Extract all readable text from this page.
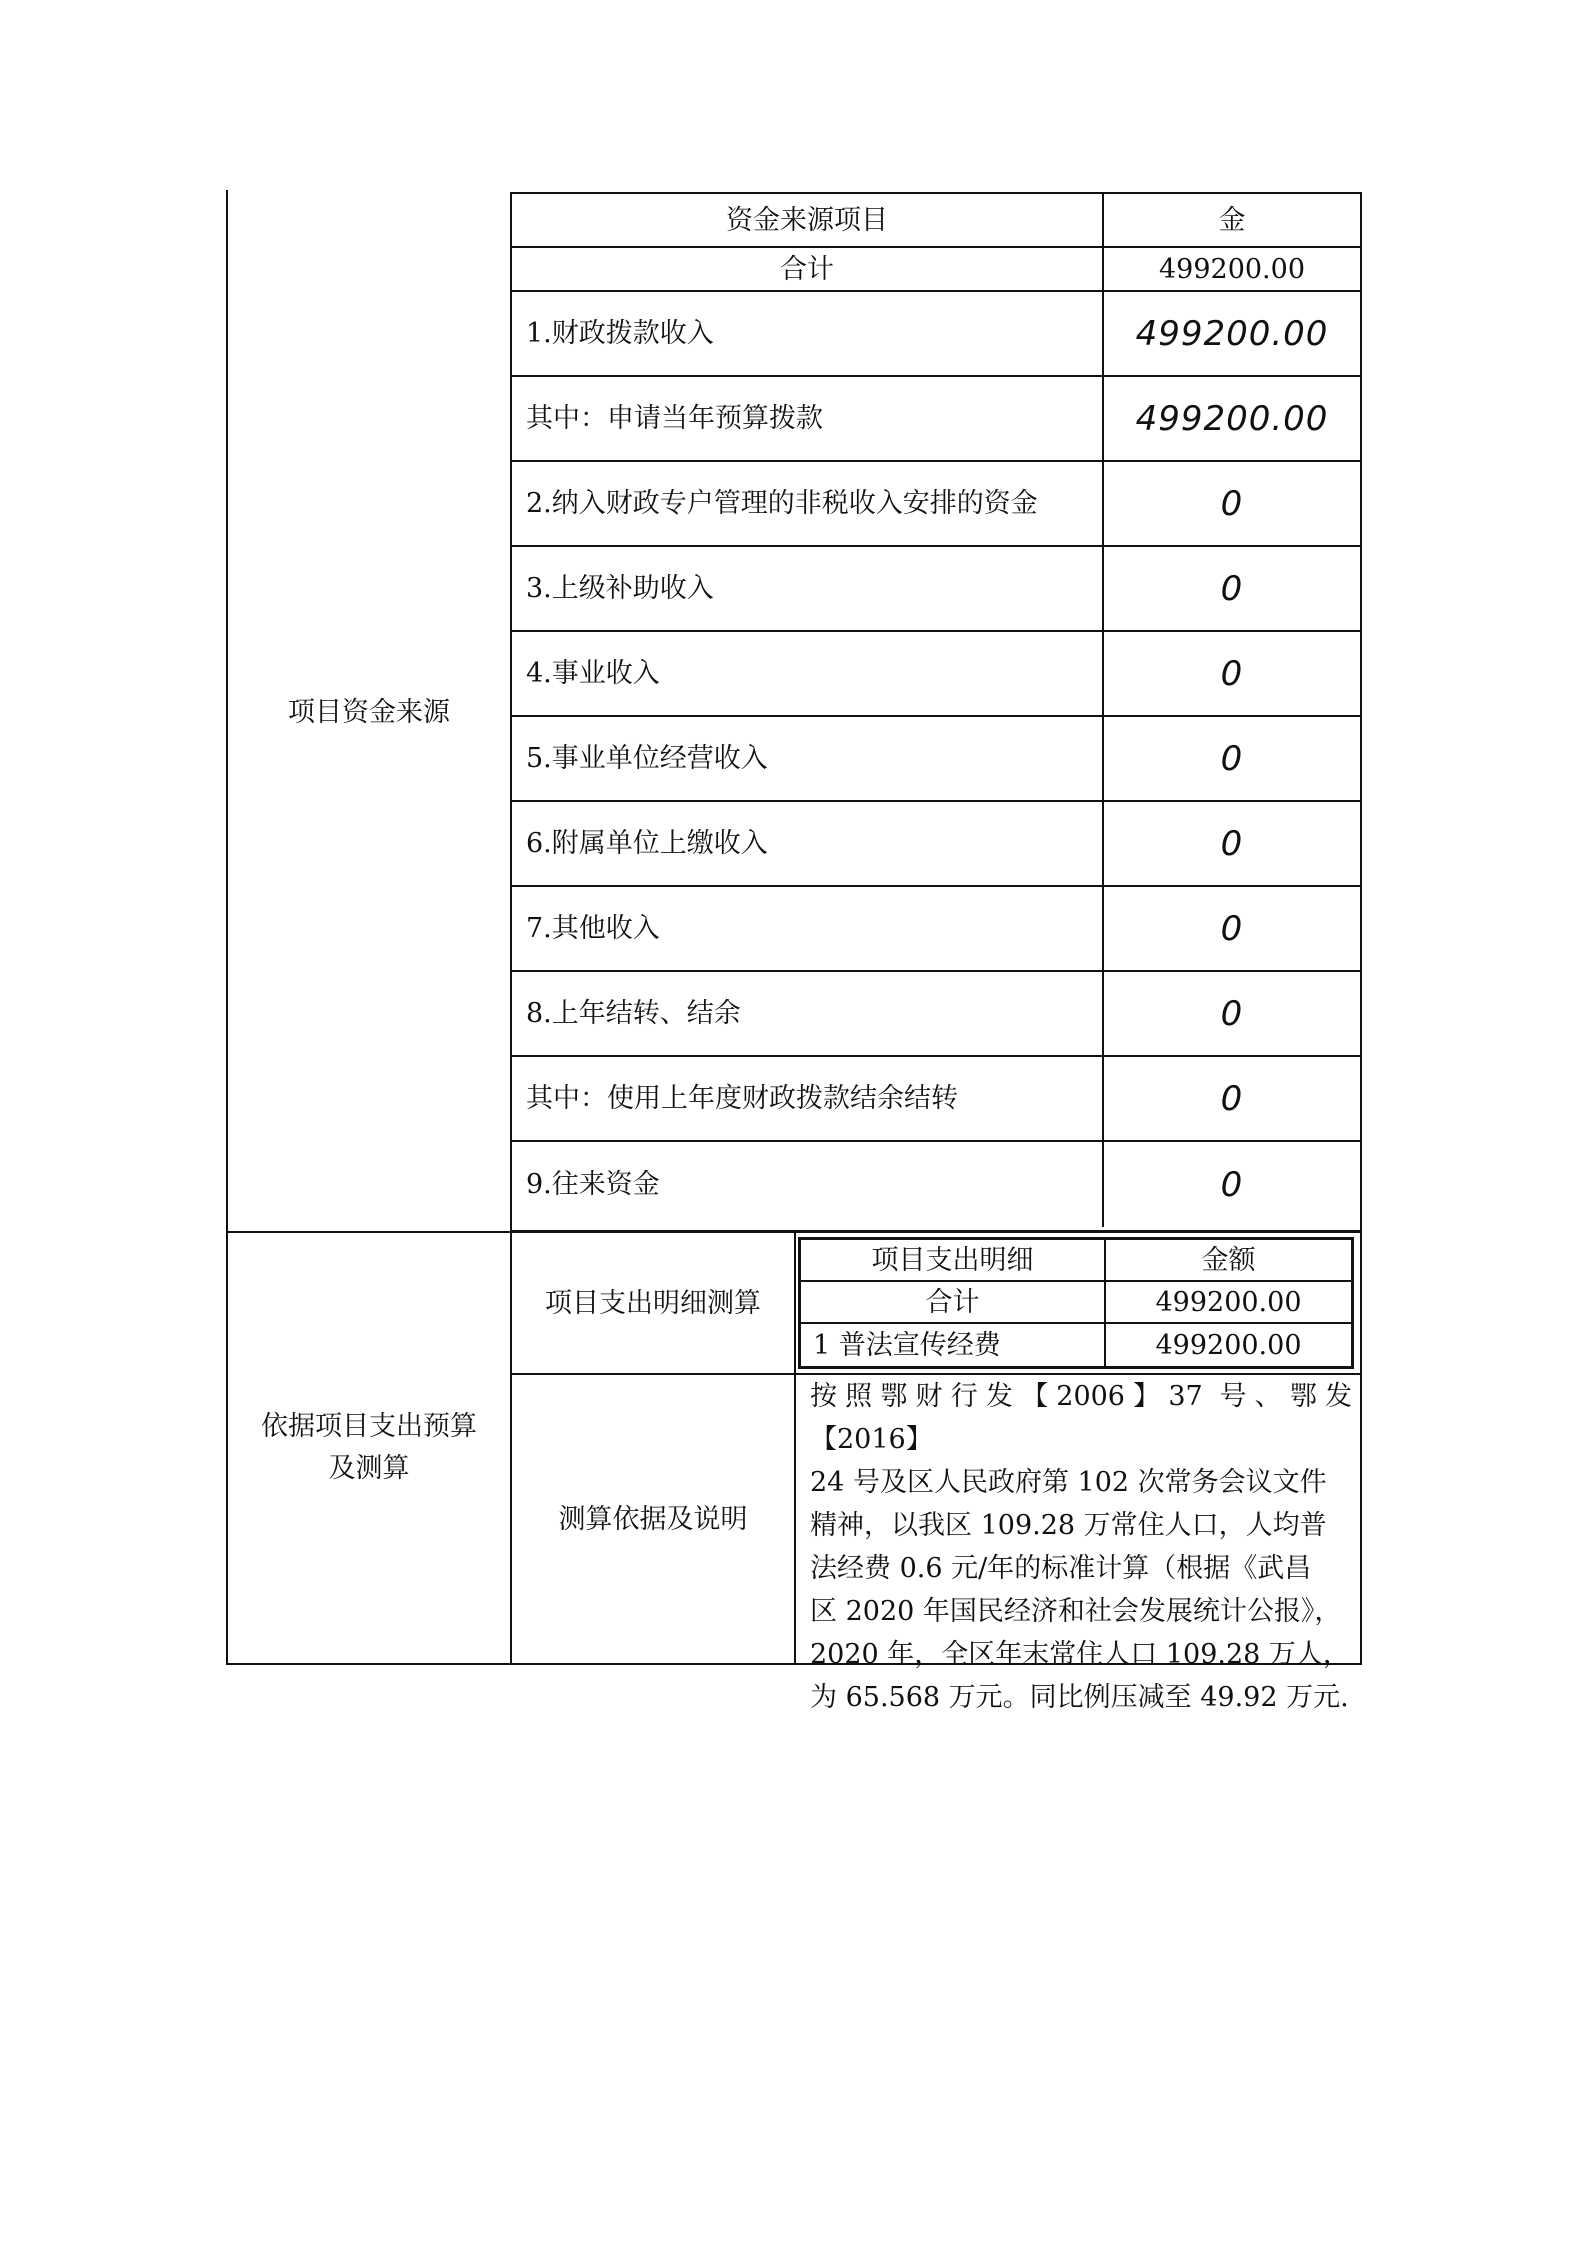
项目资金来源
资金来源项目	金
合计	499200.00
1.财政拨款收入	499200.00
其中：申请当年预算拨款	499200.00
2.纳入财政专户管理的非税收入安排的资金	0
3.上级补助收入	0
4.事业收入	0
5.事业单位经营收入	0
6.附属单位上缴收入	0
7.其他收入	0
8.上年结转、结余	0
其中：使用上年度财政拨款结余结转	0
9.往来资金	0
依据项目支出预算
及测算
项目支出明细测算
项目支出明细	金额
合计	499200.00
1 普法宣传经费	499200.00
测算依据及说明
按照鄂财行发【2006】37 号、鄂发【2016】
24 号及区人民政府第 102 次常务会议文件
精神，以我区 109.28 万常住人口，人均普
法经费 0.6 元/年的标准计算（根据《武昌
区 2020 年国民经济和社会发展统计公报》，
2020 年，全区年末常住人口 109.28 万人，
为 65.568 万元。同比例压减至 49.92 万元.
